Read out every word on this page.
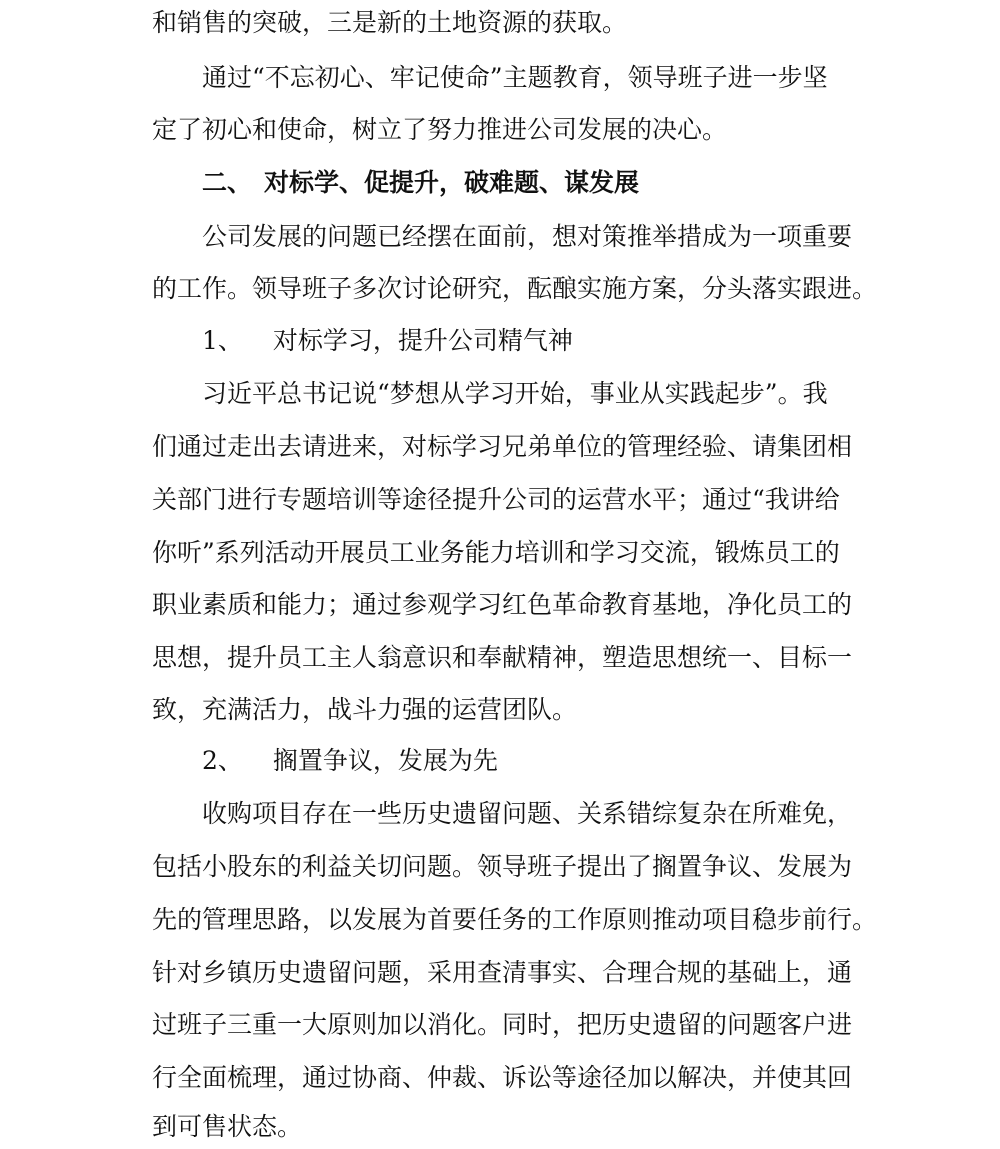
和销售的突破，三是新的土地资源的获取。
通过“不忘初心、牢记使命”主题教育，领导班子进一步坚
定了初心和使命，树立了努力推进公司发展的决心。
二、 对标学、促提升，破难题、谋发展
公司发展的问题已经摆在面前，想对策推举措成为一项重要
的工作。领导班子多次讨论研究，酝酿实施方案，分头落实跟进。
1、 对标学习，提升公司精气神
习近平总书记说“梦想从学习开始，事业从实践起步”。我
们通过走出去请进来，对标学习兄弟单位的管理经验、请集团相
关部门进行专题培训等途径提升公司的运营水平；通过“我讲给
你听”系列活动开展员工业务能力培训和学习交流，锻炼员工的
职业素质和能力；通过参观学习红色革命教育基地，净化员工的
思想，提升员工主人翁意识和奉献精神，塑造思想统一、目标一
致，充满活力，战斗力强的运营团队。
2、 搁置争议，发展为先
收购项目存在一些历史遗留问题、关系错综复杂在所难免，
包括小股东的利益关切问题。领导班子提出了搁置争议、发展为
先的管理思路，以发展为首要任务的工作原则推动项目稳步前行。
针对乡镇历史遗留问题，采用查清事实、合理合规的基础上，通
过班子三重一大原则加以消化。同时，把历史遗留的问题客户进
行全面梳理，通过协商、仲裁、诉讼等途径加以解决，并使其回
到可售状态。
